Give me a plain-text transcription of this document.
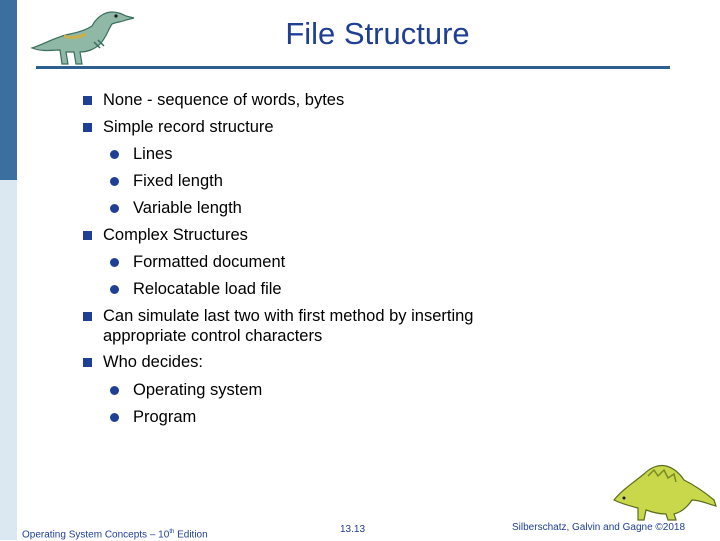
File Structure
None - sequence of words, bytes
Simple record structure
Lines
Fixed length
Variable length
Complex Structures
Formatted document
Relocatable load file
Can simulate last two with first method by inserting
appropriate control characters
Who decides:
Operating system
Program
Operating System Concepts – 10th Edition	13.13	Silberschatz, Galvin and Gagne ©2018
